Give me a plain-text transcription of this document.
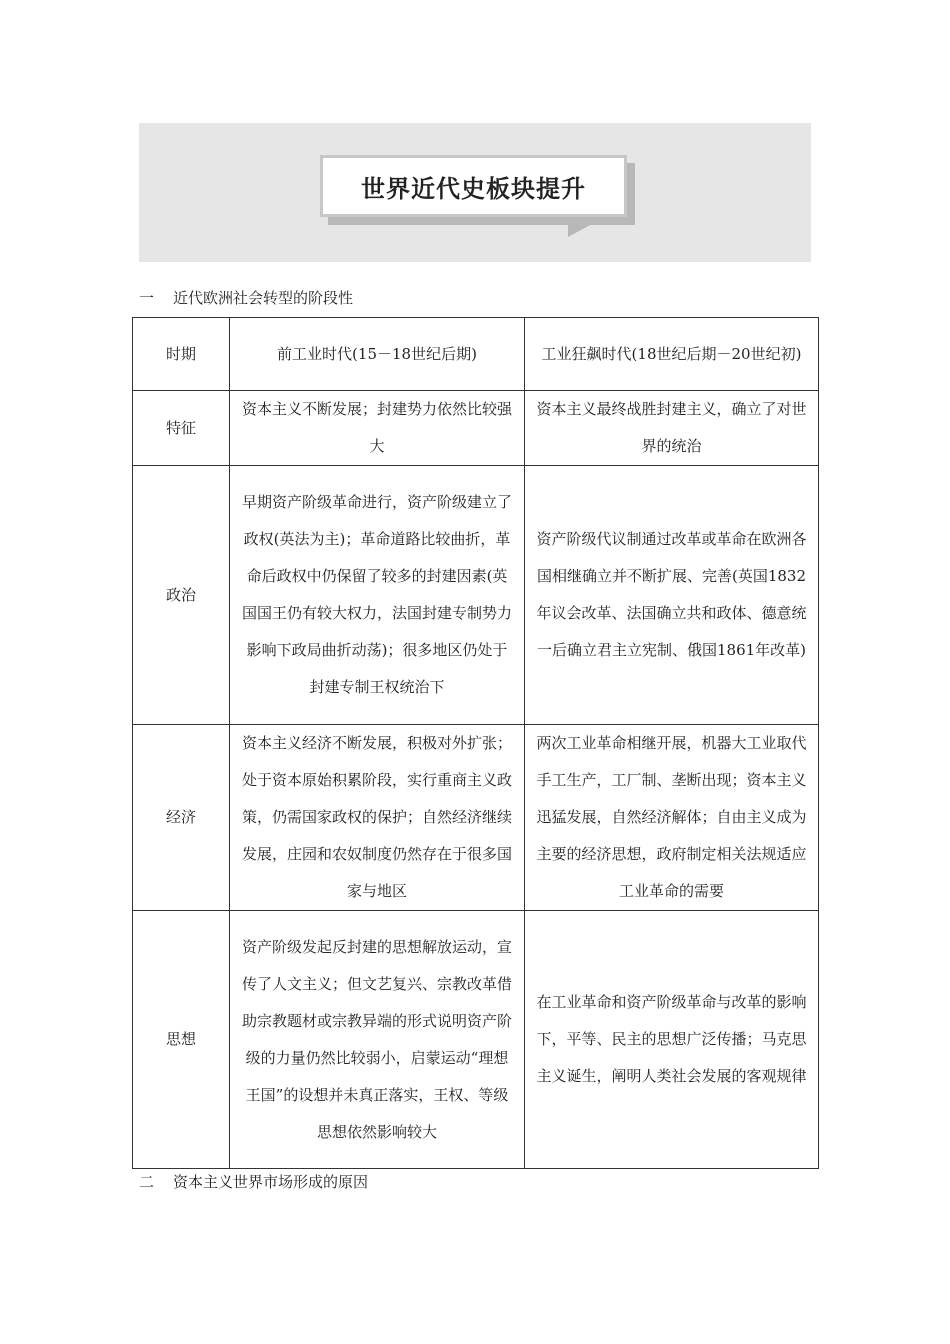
世界近代史板块提升
一 近代欧洲社会转型的阶段性
时期	前工业时代(15－18世纪后期)	工业狂飙时代(18世纪后期－20世纪初)
特征	资本主义不断发展；封建势力依然比较强大	资本主义最终战胜封建主义，确立了对世界的统治
政治	早期资产阶级革命进行，资产阶级建立了政权(英法为主)；革命道路比较曲折，革命后政权中仍保留了较多的封建因素(英国国王仍有较大权力，法国封建专制势力影响下政局曲折动荡)；很多地区仍处于封建专制王权统治下	资产阶级代议制通过改革或革命在欧洲各国相继确立并不断扩展、完善(英国1832年议会改革、法国确立共和政体、德意统一后确立君主立宪制、俄国1861年改革)
经济	资本主义经济不断发展，积极对外扩张；处于资本原始积累阶段，实行重商主义政策，仍需国家政权的保护；自然经济继续发展，庄园和农奴制度仍然存在于很多国家与地区	两次工业革命相继开展，机器大工业取代手工生产，工厂制、垄断出现；资本主义迅猛发展，自然经济解体；自由主义成为主要的经济思想，政府制定相关法规适应工业革命的需要
思想	资产阶级发起反封建的思想解放运动，宣传了人文主义；但文艺复兴、宗教改革借助宗教题材或宗教异端的形式说明资产阶级的力量仍然比较弱小，启蒙运动“理想王国”的设想并未真正落实，王权、等级思想依然影响较大	在工业革命和资产阶级革命与改革的影响下，平等、民主的思想广泛传播；马克思主义诞生，阐明人类社会发展的客观规律
二 资本主义世界市场形成的原因
